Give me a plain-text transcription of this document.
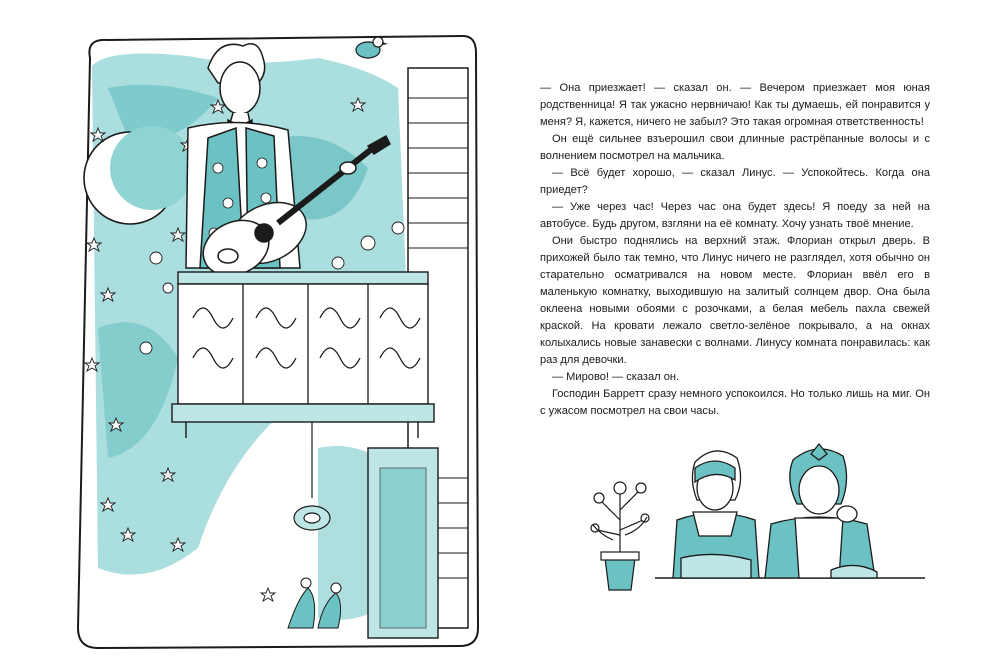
— Она приезжает! — сказал он. — Вечером приезжает моя юная родственница! Я так ужасно нервничаю! Как ты думаешь, ей понравится у меня? Я, кажется, ничего не забыл? Это такая огромная ответственность!

Он ещё сильнее взъерошил свои длинные растрёпанные волосы и с волнением посмотрел на мальчика.

— Всё будет хорошо, — сказал Линус. — Успокойтесь. Когда она приедет?

— Уже через час! Через час она будет здесь! Я поеду за ней на автобусе. Будь другом, взгляни на её комнату. Хочу узнать твоё мнение.

Они быстро поднялись на верхний этаж. Флориан открыл дверь. В прихожей было так темно, что Линус ничего не разглядел, хотя обычно он старательно осматривался на новом месте. Флориан ввёл его в маленькую комнатку, выходившую на залитый солнцем двор. Она была оклеена новыми обоями с розочками, а белая мебель пахла свежей краской. На кровати лежало светло-зелёное покрывало, а на окнах колыхались новые занавески с волнами. Линусу комната понравилась: как раз для девочки.

— Мирово! — сказал он.

Господин Барретт сразу немного успокоился. Но только лишь на миг. Он с ужасом посмотрел на свои часы.
